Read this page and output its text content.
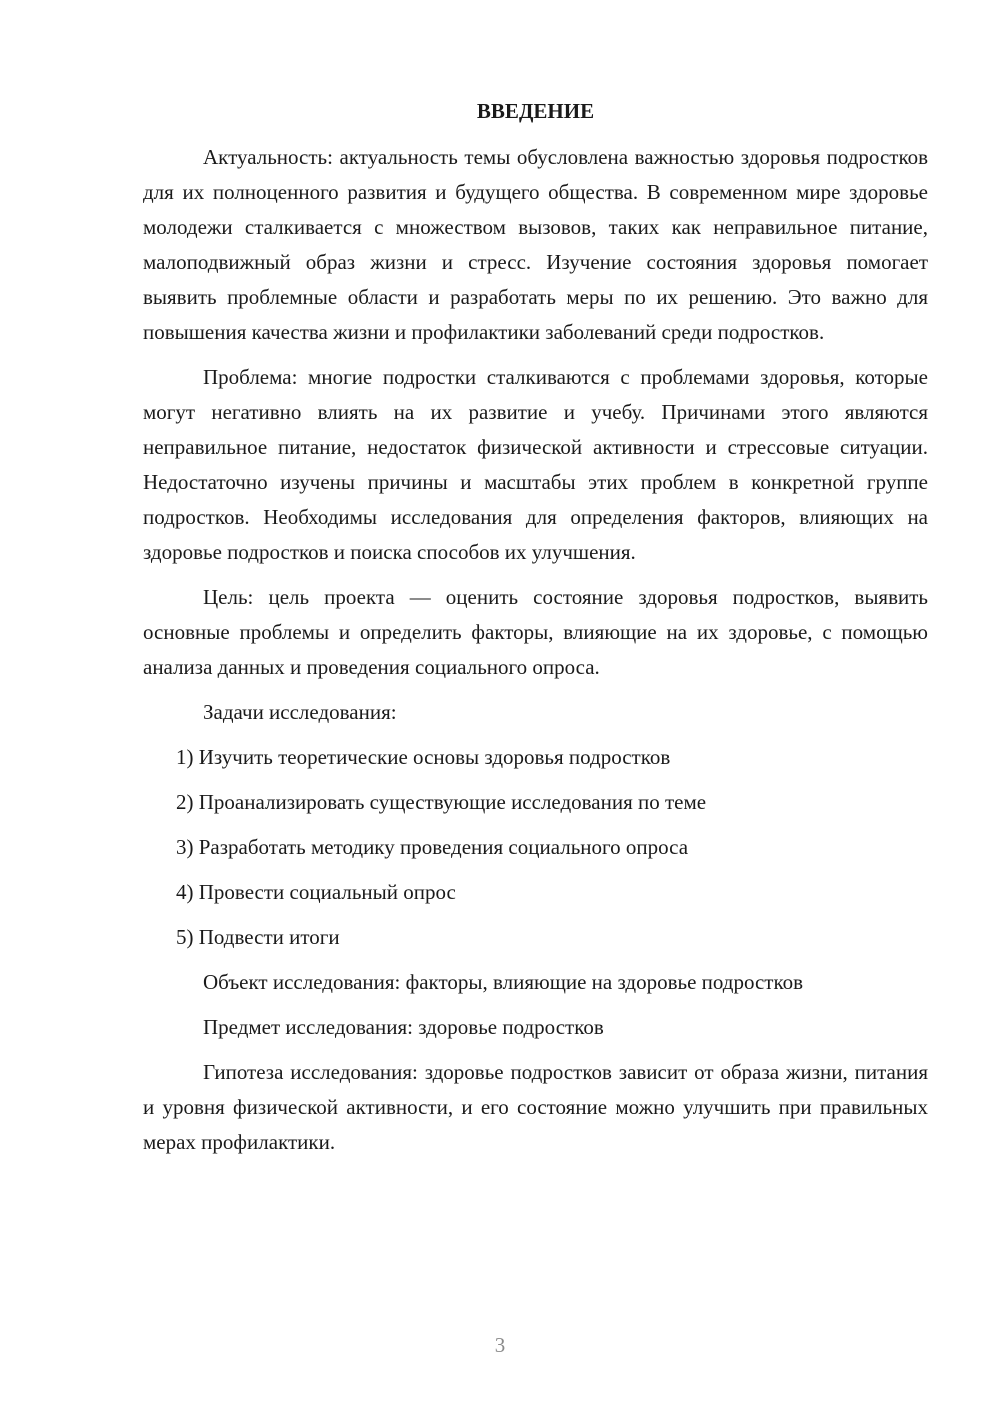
ВВЕДЕНИЕ

Актуальность: актуальность темы обусловлена важностью здоровья подростков для их полноценного развития и будущего общества. В современном мире здоровье молодежи сталкивается с множеством вызовов, таких как неправильное питание, малоподвижный образ жизни и стресс. Изучение состояния здоровья помогает выявить проблемные области и разработать меры по их решению. Это важно для повышения качества жизни и профилактики заболеваний среди подростков.

Проблема: многие подростки сталкиваются с проблемами здоровья, которые могут негативно влиять на их развитие и учебу. Причинами этого являются неправильное питание, недостаток физической активности и стрессовые ситуации. Недостаточно изучены причины и масштабы этих проблем в конкретной группе подростков. Необходимы исследования для определения факторов, влияющих на здоровье подростков и поиска способов их улучшения.

Цель: цель проекта — оценить состояние здоровья подростков, выявить основные проблемы и определить факторы, влияющие на их здоровье, с помощью анализа данных и проведения социального опроса.

Задачи исследования:

1) Изучить теоретические основы здоровья подростков

2) Проанализировать существующие исследования по теме

3) Разработать методику проведения социального опроса

4) Провести социальный опрос

5) Подвести итоги

Объект исследования: факторы, влияющие на здоровье подростков

Предмет исследования: здоровье подростков

Гипотеза исследования: здоровье подростков зависит от образа жизни, питания и уровня физической активности, и его состояние можно улучшить при правильных мерах профилактики.

3
